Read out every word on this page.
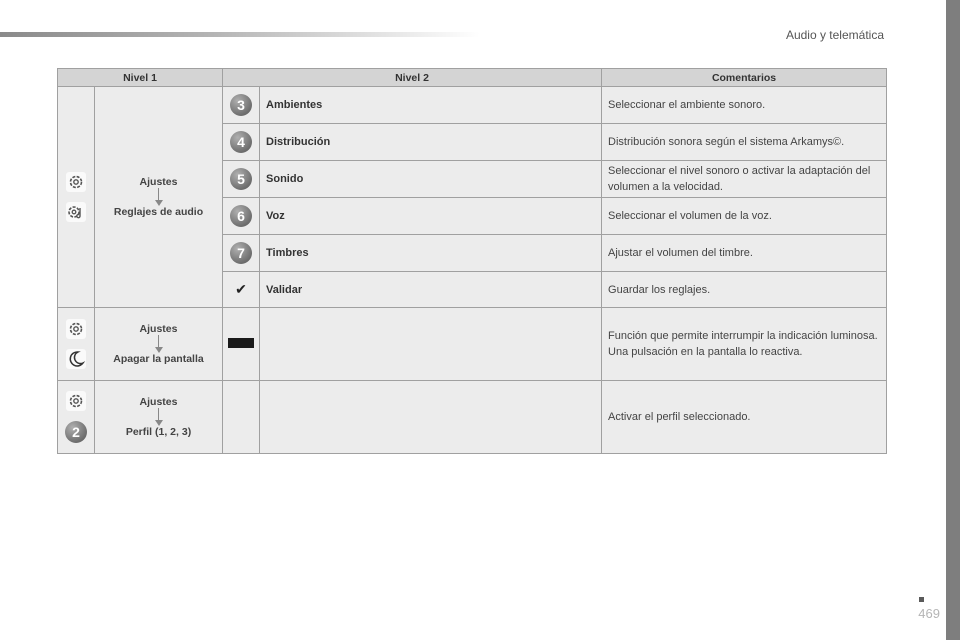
Audio y telemática
Nivel 1		Nivel 2		Comentarios

Ajustes
Reglajes de audio	3	Ambientes	Seleccionar el ambiente sonoro.
		4	Distribución	Distribución sonora según el sistema Arkamys©.
		5	Sonido	Seleccionar el nivel sonoro o activar la adaptación del volumen a la velocidad.
		6	Voz	Seleccionar el volumen de la voz.
		7	Timbres	Ajustar el volumen del timbre.
		✔	Validar	Guardar los reglajes.

Ajustes
Apagar la pantalla			Función que permite interrumpir la indicación luminosa.
Una pulsación en la pantalla lo reactiva.

2	Ajustes
Perfil (1, 2, 3)			Activar el perfil seleccionado.
469
